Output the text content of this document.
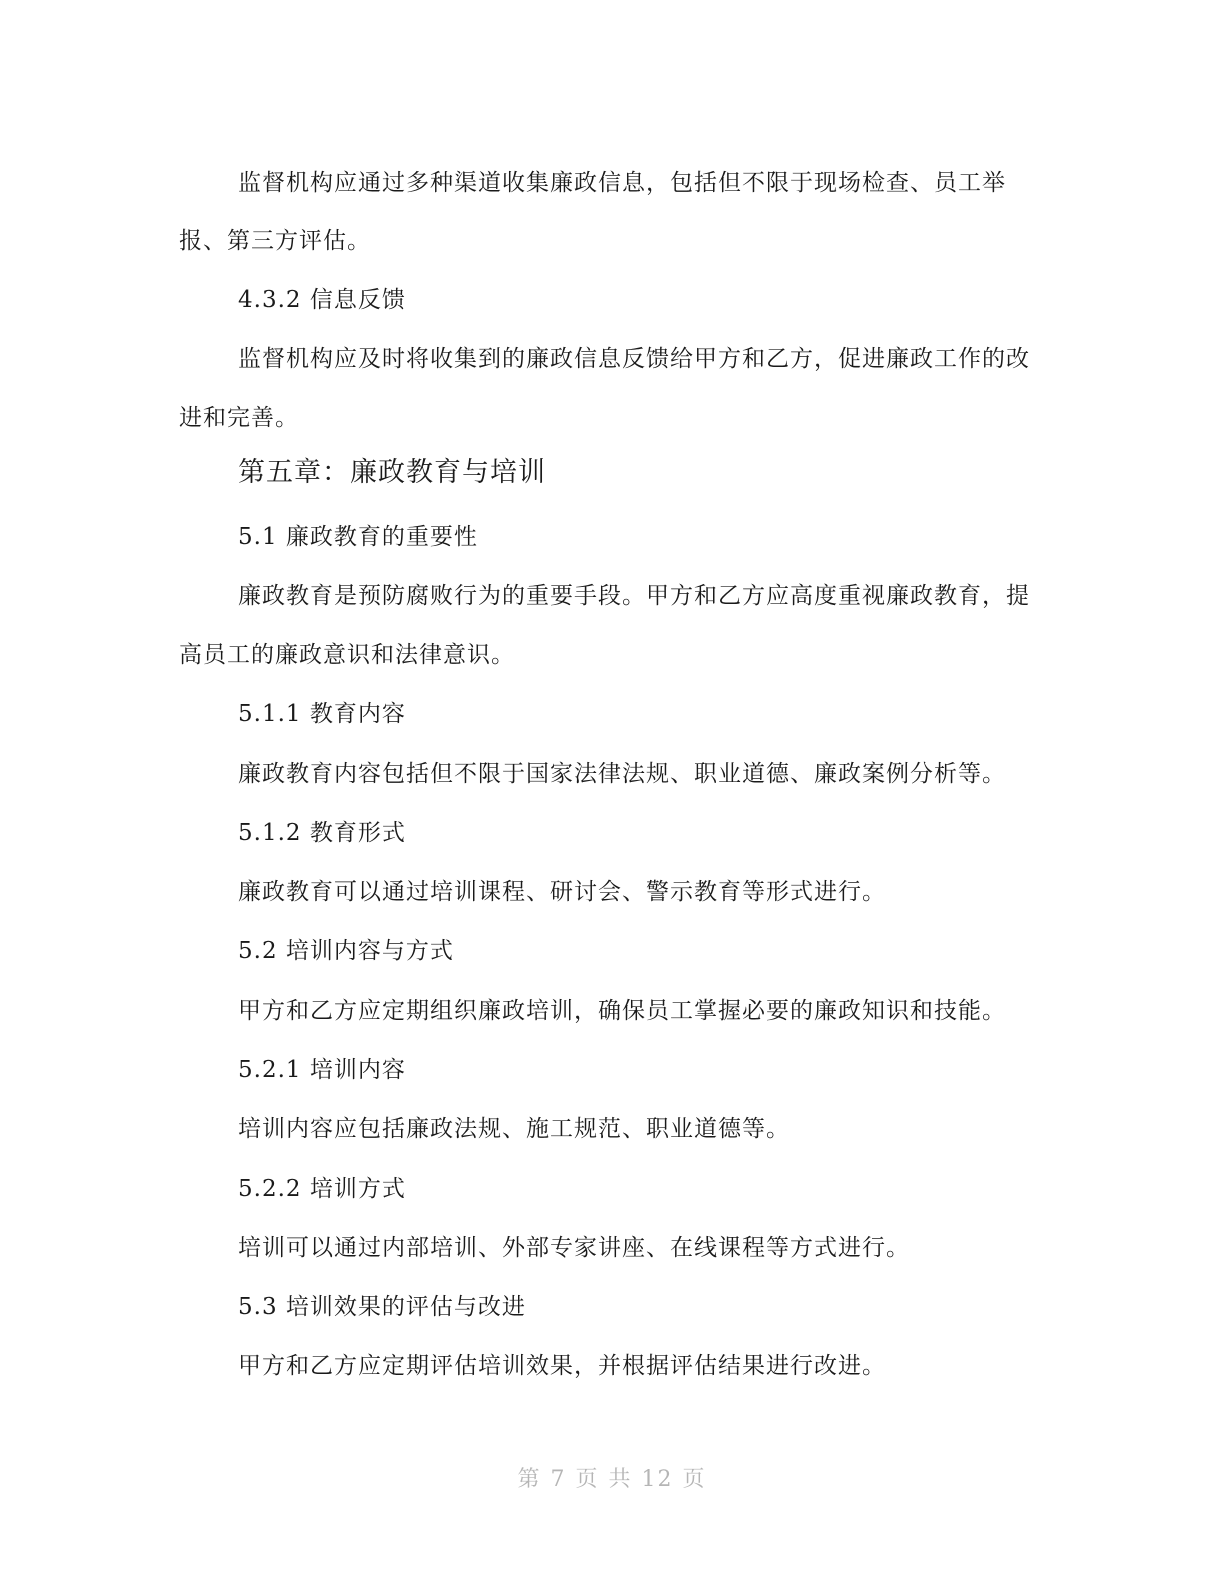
监督机构应通过多种渠道收集廉政信息，包括但不限于现场检查、员工举
报、第三方评估。
4.3.2 信息反馈
监督机构应及时将收集到的廉政信息反馈给甲方和乙方，促进廉政工作的改
进和完善。
第五章：廉政教育与培训
5.1 廉政教育的重要性
廉政教育是预防腐败行为的重要手段。甲方和乙方应高度重视廉政教育，提
高员工的廉政意识和法律意识。
5.1.1 教育内容
廉政教育内容包括但不限于国家法律法规、职业道德、廉政案例分析等。
5.1.2 教育形式
廉政教育可以通过培训课程、研讨会、警示教育等形式进行。
5.2 培训内容与方式
甲方和乙方应定期组织廉政培训，确保员工掌握必要的廉政知识和技能。
5.2.1 培训内容
培训内容应包括廉政法规、施工规范、职业道德等。
5.2.2 培训方式
培训可以通过内部培训、外部专家讲座、在线课程等方式进行。
5.3 培训效果的评估与改进
甲方和乙方应定期评估培训效果，并根据评估结果进行改进。
第 7 页 共 12 页
